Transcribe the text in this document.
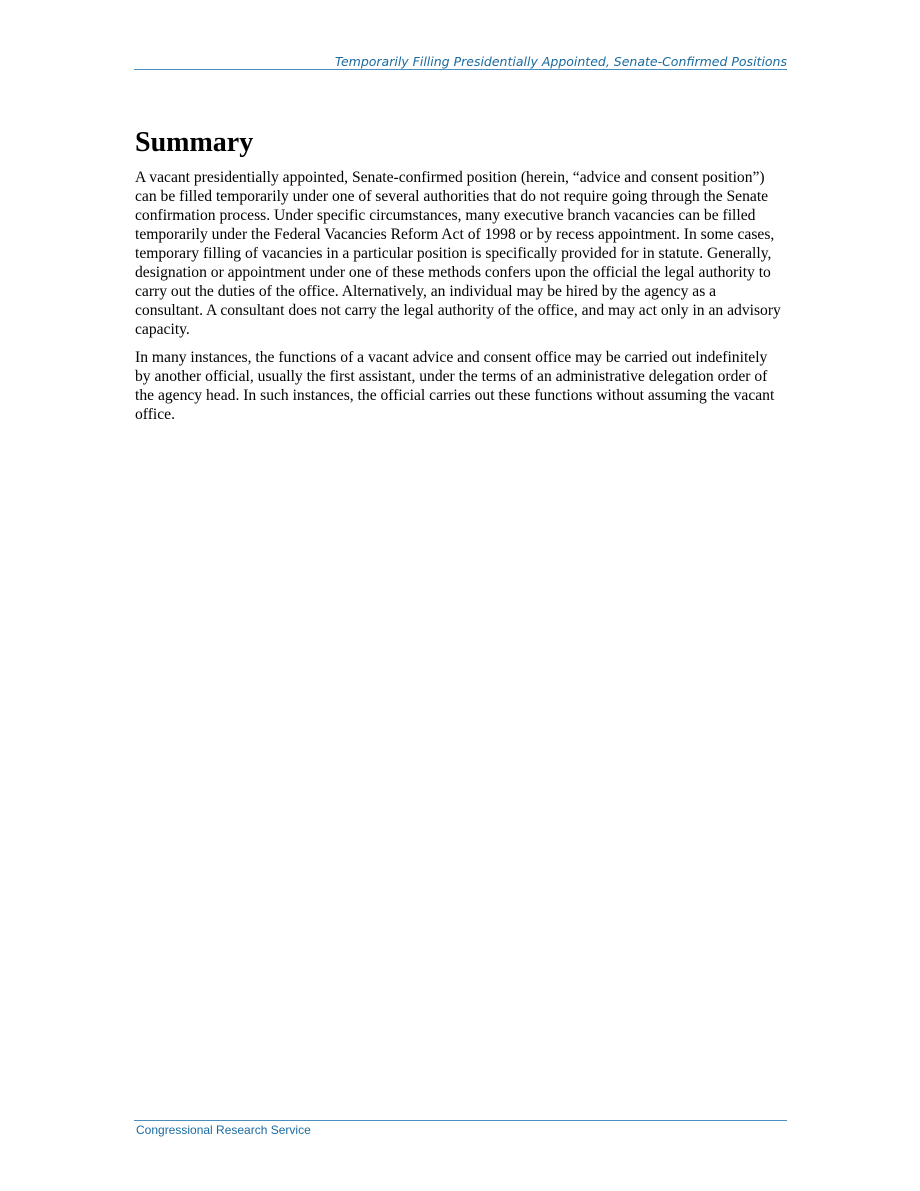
Temporarily Filling Presidentially Appointed, Senate-Confirmed Positions
Summary

A vacant presidentially appointed, Senate-confirmed position (herein, “advice and consent position”) can be filled temporarily under one of several authorities that do not require going through the Senate confirmation process. Under specific circumstances, many executive branch vacancies can be filled temporarily under the Federal Vacancies Reform Act of 1998 or by recess appointment. In some cases, temporary filling of vacancies in a particular position is specifically provided for in statute. Generally, designation or appointment under one of these methods confers upon the official the legal authority to carry out the duties of the office. Alternatively, an individual may be hired by the agency as a consultant. A consultant does not carry the legal authority of the office, and may act only in an advisory capacity.

In many instances, the functions of a vacant advice and consent office may be carried out indefinitely by another official, usually the first assistant, under the terms of an administrative delegation order of the agency head. In such instances, the official carries out these functions without assuming the vacant office.

Congressional Research Service
